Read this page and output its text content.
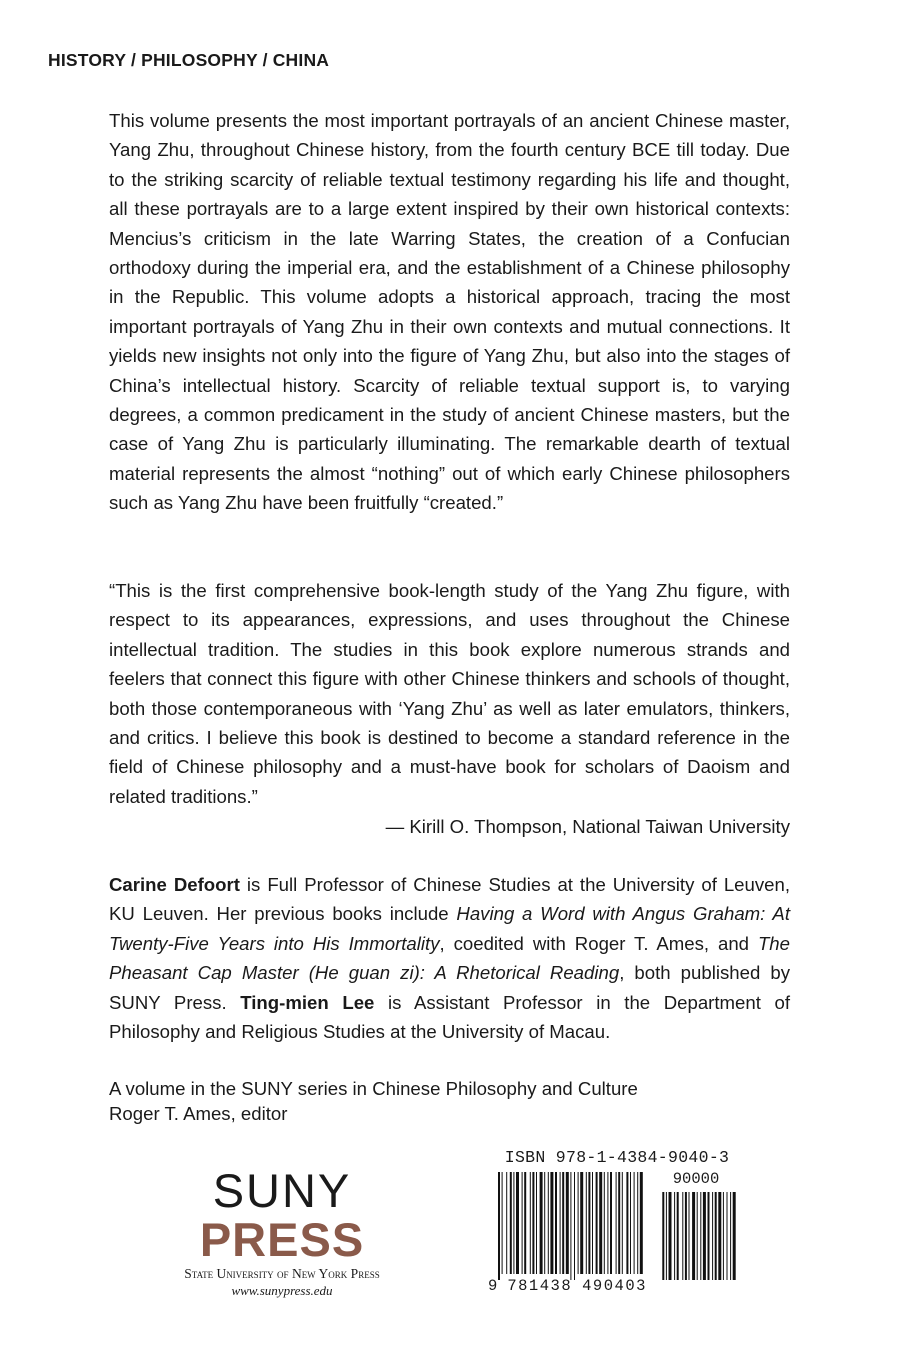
HISTORY / PHILOSOPHY / CHINA

This volume presents the most important portrayals of an ancient Chinese master, Yang Zhu, throughout Chinese history, from the fourth century BCE till today. Due to the striking scarcity of reliable textual testimony regarding his life and thought, all these portrayals are to a large extent inspired by their own historical contexts: Mencius’s criticism in the late Warring States, the creation of a Confucian orthodoxy during the imperial era, and the establishment of a Chinese philosophy in the Republic. This volume adopts a historical approach, tracing the most important portrayals of Yang Zhu in their own contexts and mutual connections. It yields new insights not only into the figure of Yang Zhu, but also into the stages of China’s intellectual history. Scarcity of reliable textual support is, to varying degrees, a common predicament in the study of ancient Chinese masters, but the case of Yang Zhu is particularly illuminating. The remarkable dearth of textual material represents the almost “nothing” out of which early Chinese philosophers such as Yang Zhu have been fruitfully “created.”

“This is the first comprehensive book-length study of the Yang Zhu figure, with respect to its appearances, expressions, and uses throughout the Chinese intellectual tradition. The studies in this book explore numerous strands and feelers that connect this figure with other Chinese thinkers and schools of thought, both those contemporaneous with ‘Yang Zhu’ as well as later emulators, thinkers, and critics. I believe this book is destined to become a standard reference in the field of Chinese philosophy and a must-have book for scholars of Daoism and related traditions.”

— Kirill O. Thompson, National Taiwan University

Carine Defoort is Full Professor of Chinese Studies at the University of Leuven, KU Leuven. Her previous books include Having a Word with Angus Graham: At Twenty-Five Years into His Immortality, coedited with Roger T. Ames, and The Pheasant Cap Master (He guan zi): A Rhetorical Reading, both published by SUNY Press. Ting-mien Lee is Assistant Professor in the Department of Philosophy and Religious Studies at the University of Macau.

A volume in the SUNY series in Chinese Philosophy and Culture
Roger T. Ames, editor
SUNY
PRESS
State University of New York Press
www.sunypress.edu
ISBN 978-1-4384-9040-3
90000
9 781438 490403
